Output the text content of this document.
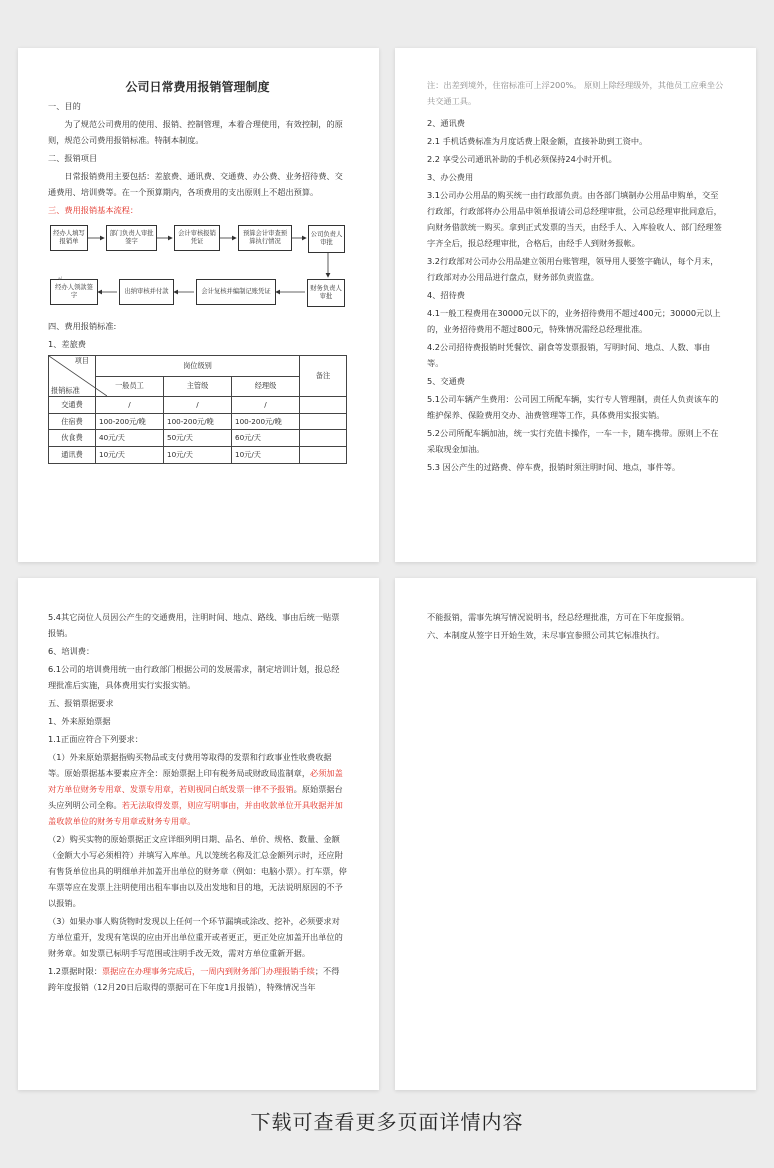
公司日常费用报销管理制度

一、目的

为了规范公司费用的使用、报销、控制管理，本着合理使用，有效控制，的原则，规范公司费用报销标准。特制本制度。

二、报销项目

日常报销费用主要包括：差旅费、通讯费、交通费、办公费、业务招待费、交通费用、培训费等。在一个预算期内，各项费用的支出原则上不超出预算。

三、费用报销基本流程：

经办人填写报销单
部门负责人审批签字
会计审核报销凭证
预算会计审查预算执行情况
公司负责人审批
财务负责人审批
会计复核并编制记账凭证
出纳审核并付款
经办人领款签字
↵

四、费用报销标准:

1、差旅费

项目
报销标准	岗位级别			备注
	一般员工	主管级	经理级	
交通费	/	/	/	
住宿费	100-200元/晚	100-200元/晚	100-200元/晚	
伙食费	40元/天	50元/天	60元/天	
通讯费	10元/天	10元/天	10元/天	

注：出差到境外，住宿标准可上浮200%。 原则上除经理级外，其他员工应乘坐公共交通工具。

2、通讯费

2.1 手机话费标准为月度话费上限金额，直接补助到工资中。

2.2 享受公司通讯补助的手机必须保持24小时开机。

3、办公费用

3.1公司办公用品的购买统一由行政部负责。由各部门填制办公用品申购单，交至行政部，行政部将办公用品申领单报请公司总经理审批，公司总经理审批同意后，向财务借款统一购买。拿到正式发票的当天，由经手人、入库验收人、部门经理签字齐全后，报总经理审批，合格后，由经手人到财务报帐。

3.2行政部对公司办公用品建立领用台账管理，领导用人要签字确认，每个月末，行政部对办公用品进行盘点，财务部负责监盘。

4、招待费

4.1一般工程费用在30000元以下的，业务招待费用不超过400元；30000元以上的，业务招待费用不超过800元，特殊情况需经总经理批准。

4.2公司招待费报销时凭餐饮、副食等发票报销，写明时间、地点、人数、事由等。

5、交通费

5.1公司车辆产生费用：公司因工所配车辆，实行专人管理制，责任人负责该车的维护保养、保险费用交办、油费管理等工作，具体费用实报实销。

5.2公司所配车辆加油，统一实行充值卡操作，一车一卡，随车携带。原则上不在采取现金加油。

5.3 因公产生的过路费、停车费，报销时须注明时间、地点，事件等。

5.4其它岗位人员因公产生的交通费用，注明时间、地点、路线、事由后统一贴票报销。

6、培训费：

6.1公司的培训费用统一由行政部门根据公司的发展需求，制定培训计划，报总经理批准后实施，具体费用实行实报实销。

五、报销票据要求

1、外来原始票据

1.1正面应符合下列要求：

（1）外来原始票据指购买物品或支付费用等取得的发票和行政事业性收费收据等。原始票据基本要素应齐全：原始票据上印有税务局或财政局监制章，必须加盖对方单位财务专用章、发票专用章，若则视同白纸发票一律不予报销。原始票据台头应列明公司全称。若无法取得发票，则应写明事由，并由收款单位开具收据并加盖收款单位的财务专用章或财务专用章。

（2）购买实物的原始票据正文应详细列明日期、品名、单价、规格、数量、金额（金额大小写必须相符）并填写入库单。凡以笼统名称及汇总金额列示时，还应附有售货单位出具的明细单并加盖开出单位的财务章（例如：电脑小票）。打车票，停车票等应在发票上注明使用出租车事由以及出发地和目的地，无法说明原因的不予以报销。

（3）如果办事人购货物时发现以上任何一个环节漏填或涂改、挖补，必须要求对方单位重开，发现有笔误的应由开出单位重开或者更正，更正处应加盖开出单位的财务章。如发票已标明手写范围或注明手改无效，需对方单位重新开据。

1.2票据时限：票据应在办理事务完成后，一周内到财务部门办理报销手续；不得跨年度报销（12月20日后取得的票据可在下年度1月报销），特殊情况当年

不能报销，需事先填写情况说明书，经总经理批准，方可在下年度报销。

六、本制度从签字日开始生效，未尽事宜参照公司其它标准执行。

下载可查看更多页面详情内容
